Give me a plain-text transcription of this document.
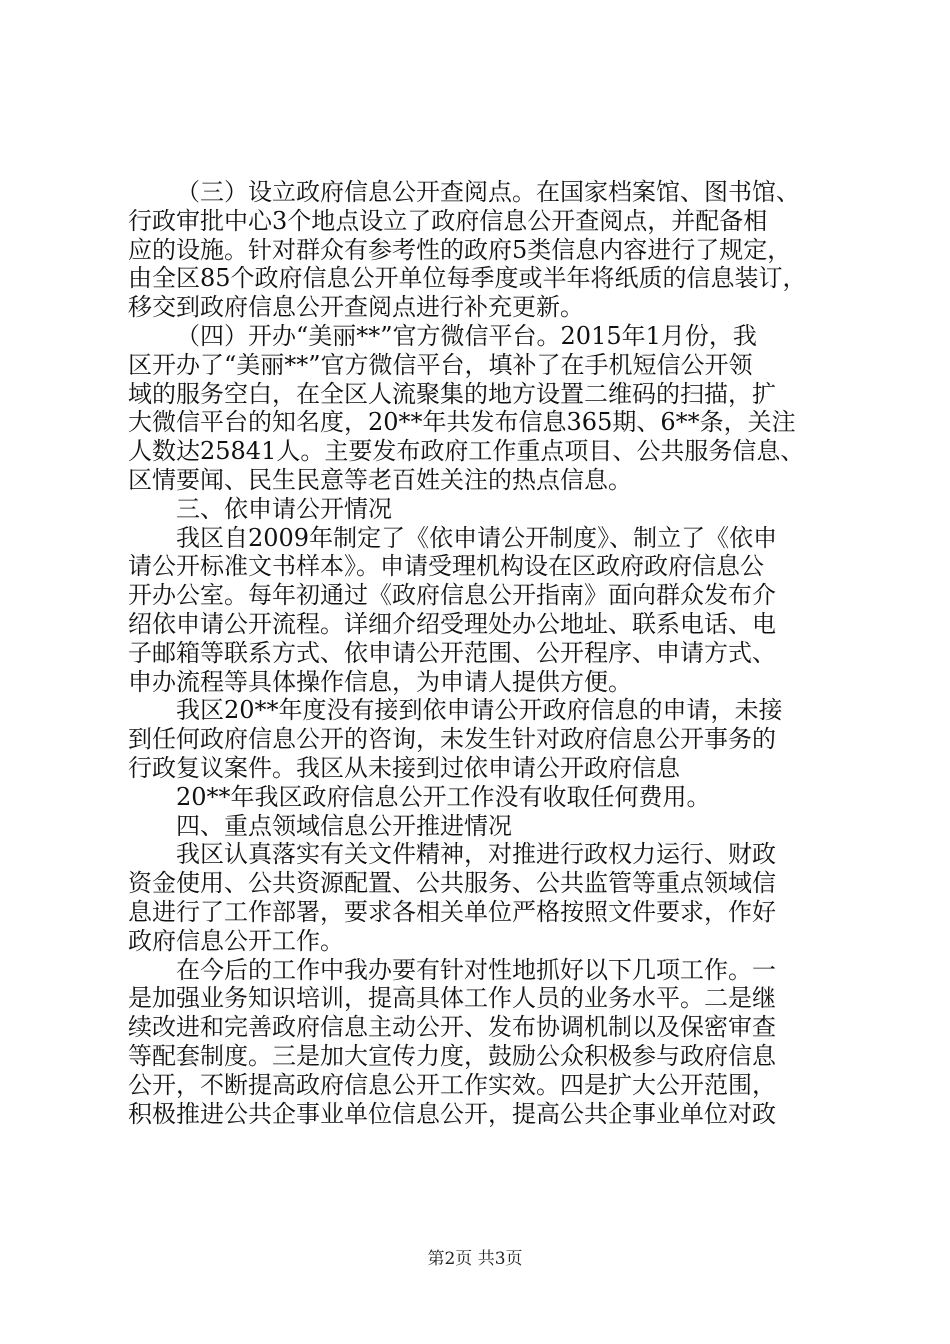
（三）设立政府信息公开查阅点。在国家档案馆、图书馆、
行政审批中心3个地点设立了政府信息公开查阅点，并配备相
应的设施。针对群众有参考性的政府5类信息内容进行了规定，
由全区85个政府信息公开单位每季度或半年将纸质的信息装订，
移交到政府信息公开查阅点进行补充更新。
（四）开办“美丽**”官方微信平台。2015年1月份，我
区开办了“美丽**”官方微信平台，填补了在手机短信公开领
域的服务空白，在全区人流聚集的地方设置二维码的扫描，扩
大微信平台的知名度，20**年共发布信息365期、6**条，关注
人数达25841人。主要发布政府工作重点项目、公共服务信息、
区情要闻、民生民意等老百姓关注的热点信息。
三、依申请公开情况
我区自2009年制定了《依申请公开制度》、制立了《依申
请公开标准文书样本》。申请受理机构设在区政府政府信息公
开办公室。每年初通过《政府信息公开指南》面向群众发布介
绍依申请公开流程。详细介绍受理处办公地址、联系电话、电
子邮箱等联系方式、依申请公开范围、公开程序、申请方式、
申办流程等具体操作信息，为申请人提供方便。
我区20**年度没有接到依申请公开政府信息的申请，未接
到任何政府信息公开的咨询，未发生针对政府信息公开事务的
行政复议案件。我区从未接到过依申请公开政府信息
20**年我区政府信息公开工作没有收取任何费用。
四、重点领域信息公开推进情况
我区认真落实有关文件精神，对推进行政权力运行、财政
资金使用、公共资源配置、公共服务、公共监管等重点领域信
息进行了工作部署，要求各相关单位严格按照文件要求，作好
政府信息公开工作。
在今后的工作中我办要有针对性地抓好以下几项工作。一
是加强业务知识培训，提高具体工作人员的业务水平。二是继
续改进和完善政府信息主动公开、发布协调机制以及保密审查
等配套制度。三是加大宣传力度，鼓励公众积极参与政府信息
公开，不断提高政府信息公开工作实效。四是扩大公开范围，
积极推进公共企事业单位信息公开，提高公共企事业单位对政
第2页 共3页
